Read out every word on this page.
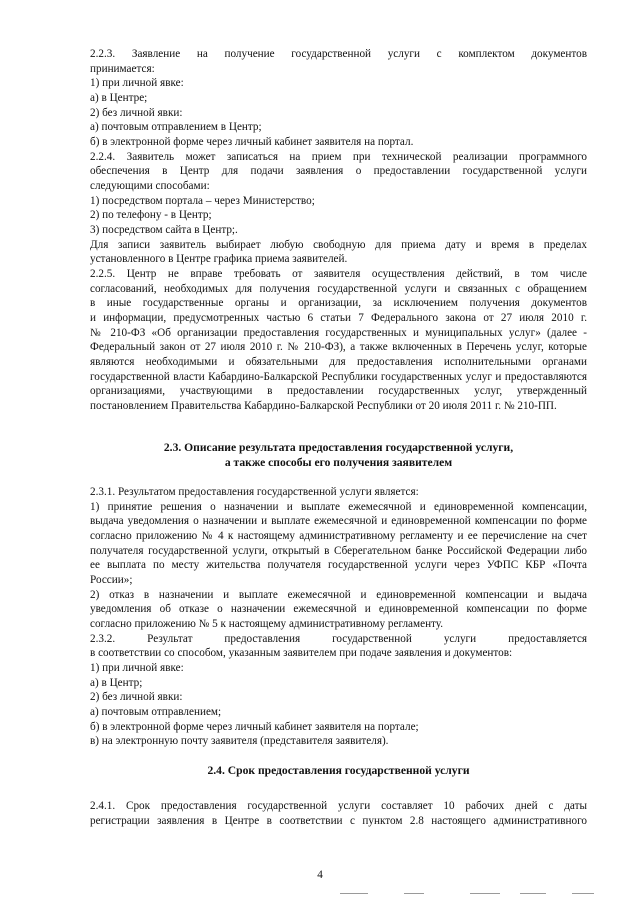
2.2.3. Заявление на получение государственной услуги с комплектом документов
принимается:
1) при личной явке:
а) в Центре;
2) без личной явки:
а) почтовым отправлением в Центр;
б) в электронной форме через личный кабинет заявителя на портал.
2.2.4. Заявитель может записаться на прием при технической реализации программного
обеспечения в Центр для подачи заявления о предоставлении государственной услуги
следующими способами:
1) посредством портала – через Министерство;
2) по телефону - в Центр;
3) посредством сайта в Центр;.
Для записи заявитель выбирает любую свободную для приема дату и время в пределах
установленного в Центре графика приема заявителей.
2.2.5. Центр не вправе требовать от заявителя осуществления действий, в том числе
согласований, необходимых для получения государственной услуги и связанных с обращением
в иные государственные органы и организации, за исключением получения документов
и информации, предусмотренных частью 6 статьи 7 Федерального закона от 27 июля 2010 г.
№ 210-ФЗ «Об организации предоставления государственных и муниципальных услуг» (далее -
Федеральный закон от 27 июля 2010 г. № 210-ФЗ), а также включенных в Перечень услуг, которые
являются необходимыми и обязательными для предоставления исполнительными органами
государственной власти Кабардино-Балкарской Республики государственных услуг и предоставляются
организациями, участвующими в предоставлении государственных услуг, утвержденный
постановлением Правительства Кабардино-Балкарской Республики от 20 июля 2011 г. № 210-ПП.
2.3. Описание результата предоставления государственной услуги,
а также способы его получения заявителем
2.3.1. Результатом предоставления государственной услуги является:
1) принятие решения о назначении и выплате ежемесячной и единовременной компенсации,
выдача уведомления о назначении и выплате ежемесячной и единовременной компенсации по форме
согласно приложению № 4 к настоящему административному регламенту и ее перечисление на счет
получателя государственной услуги, открытый в Сберегательном банке Российской Федерации либо
ее выплата по месту жительства получателя государственной услуги через УФПС КБР «Почта
России»;
2) отказ в назначении и выплате ежемесячной и единовременной компенсации и выдача
уведомления об отказе о назначении ежемесячной и единовременной компенсации по форме
согласно приложению № 5 к настоящему административному регламенту.
2.3.2. Результат предоставления государственной услуги предоставляется
в соответствии со способом, указанным заявителем при подаче заявления и документов:
1) при личной явке:
а) в Центр;
2) без личной явки:
а) почтовым отправлением;
б) в электронной форме через личный кабинет заявителя на портале;
в) на электронную почту заявителя (представителя заявителя).
2.4. Срок предоставления государственной услуги
2.4.1. Срок предоставления государственной услуги составляет 10 рабочих дней с даты
регистрации заявления в Центре в соответствии с пунктом 2.8 настоящего административного
4
